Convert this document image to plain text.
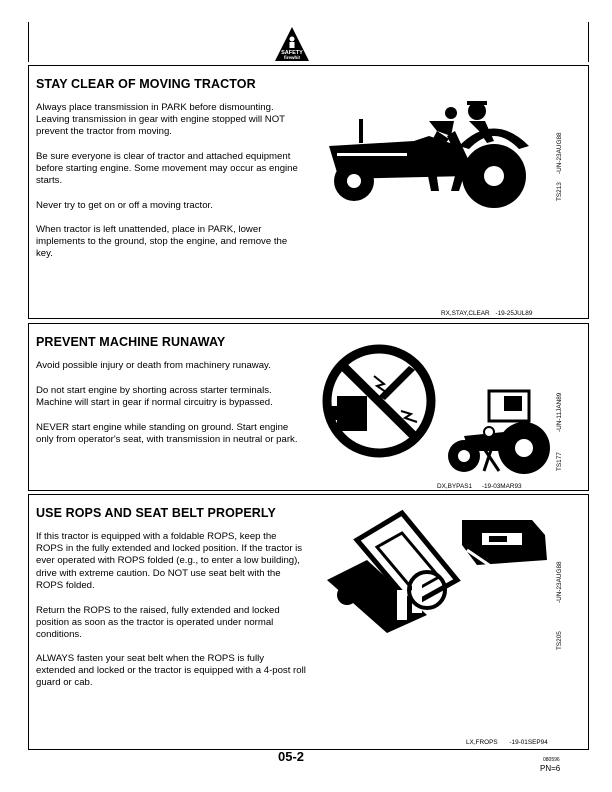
SAFETY
firewhit
STAY CLEAR OF MOVING TRACTOR
Always place transmission in PARK before dismounting. Leaving transmission in gear with engine stopped will NOT prevent the tractor from moving.
Be sure everyone is clear of tractor and attached equipment before starting engine. Some movement may occur as engine starts.
Never try to get on or off a moving tractor.
When tractor is left unattended, place in PARK, lower implements to the ground, stop the engine, and remove the key.
TS213
-UN-23AUG88
RX,STAY,CLEAR -19-25JUL89
PREVENT MACHINE RUNAWAY
Avoid possible injury or death from machinery runaway.
Do not start engine by shorting across starter terminals. Machine will start in gear if normal circuitry is bypassed.
NEVER start engine while standing on ground. Start engine only from operator's seat, with transmission in neutral or park.
TS177
-UN-11JAN89
DX,BYPAS1 -19-03MAR93
USE ROPS AND SEAT BELT PROPERLY
If this tractor is equipped with a foldable ROPS, keep the ROPS in the fully extended and locked position. If the tractor is ever operated with ROPS folded (e.g., to enter a low building), drive with extreme caution. Do NOT use seat belt with the ROPS folded.
Return the ROPS to the raised, fully extended and locked position as soon as the tractor is operated under normal conditions.
ALWAYS fasten your seat belt when the ROPS is fully extended and locked or the tractor is equipped with a 4-post roll guard or cab.
TS205
-UN-23AUG88
LX,FROPS -19-01SEP94
05-2	080596
PN=6
